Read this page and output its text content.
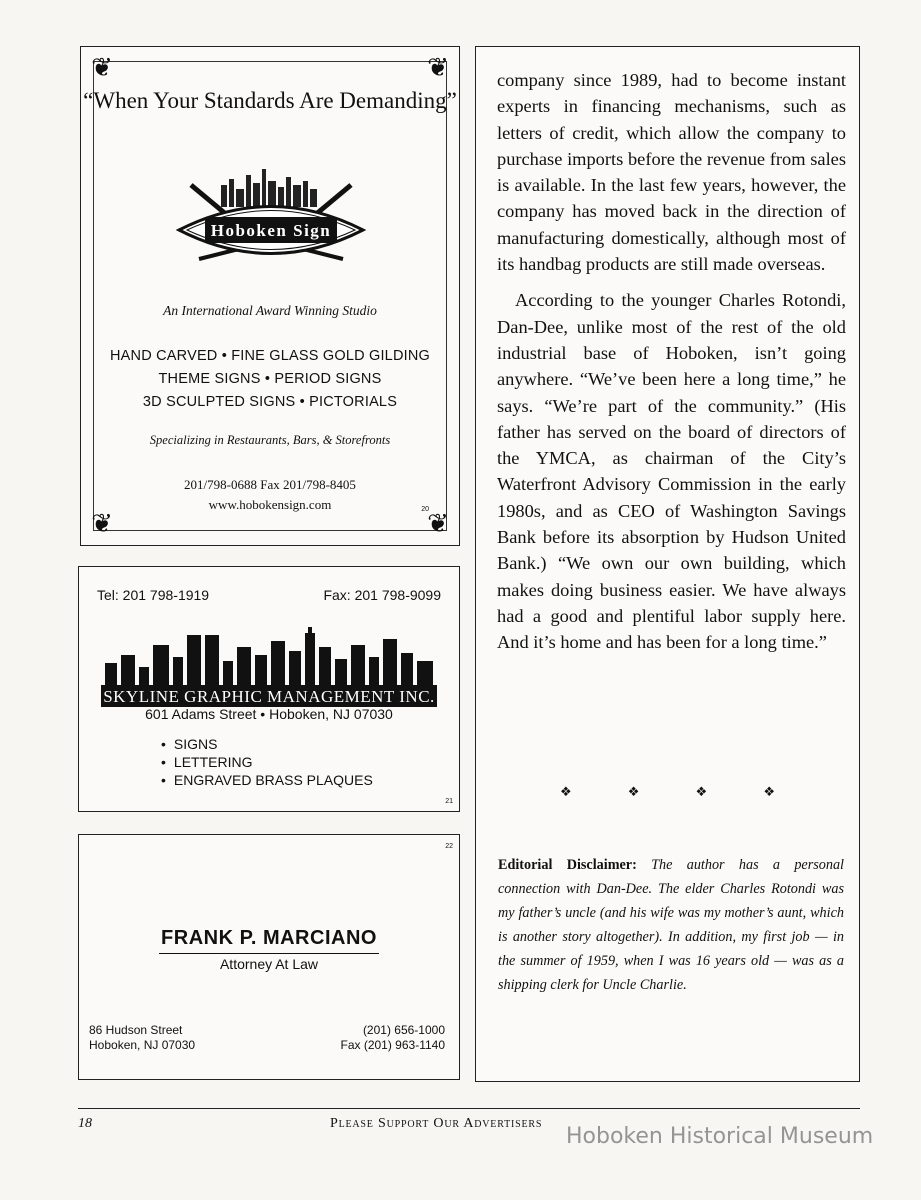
❦	❦
❦	❦
“When Your Standards Are Demanding”
Hoboken Sign
An International Award Winning Studio
HAND CARVED • FINE GLASS GOLD GILDING
THEME SIGNS • PERIOD SIGNS
3D SCULPTED SIGNS • PICTORIALS
Specializing in Restaurants, Bars, & Storefronts
201/798-0688 Fax 201/798-8405
www.hobokensign.com	20
Tel: 201 798-1919	Fax: 201 798-9099
SKYLINE GRAPHIC MANAGEMENT INC.
601 Adams Street • Hoboken, NJ 07030
• SIGNS
• LETTERING
• ENGRAVED BRASS PLAQUES
21
22
FRANK P. MARCIANO
Attorney At Law
86 Hudson Street
Hoboken, NJ 07030
(201) 656-1000
Fax (201) 963-1140

company since 1989, had to become instant experts in financing mechanisms, such as letters of credit, which allow the company to purchase imports before the revenue from sales is available. In the last few years, however, the company has moved back in the direction of manufacturing domestically, although most of its handbag products are still made overseas.

According to the younger Charles Rotondi, Dan-Dee, unlike most of the rest of the old industrial base of Hoboken, isn’t going anywhere. “We’ve been here a long time,” he says. “We’re part of the community.” (His father has served on the board of directors of the YMCA, as chairman of the City’s Waterfront Advisory Commission in the early 1980s, and as CEO of Washington Savings Bank before its absorption by Hudson United Bank.) “We own our own building, which makes doing business easier. We have always had a good and plentiful labor supply here. And it’s home and has been for a long time.”

❖ ❖ ❖ ❖
Editorial Disclaimer: The author has a personal connection with Dan-Dee. The elder Charles Rotondi was my father’s uncle (and his wife was my mother’s aunt, which is another story altogether). In addition, my first job — in the summer of 1959, when I was 16 years old — was as a shipping clerk for Uncle Charlie.
18	Please Support Our Advertisers
Hoboken Historical Museum
